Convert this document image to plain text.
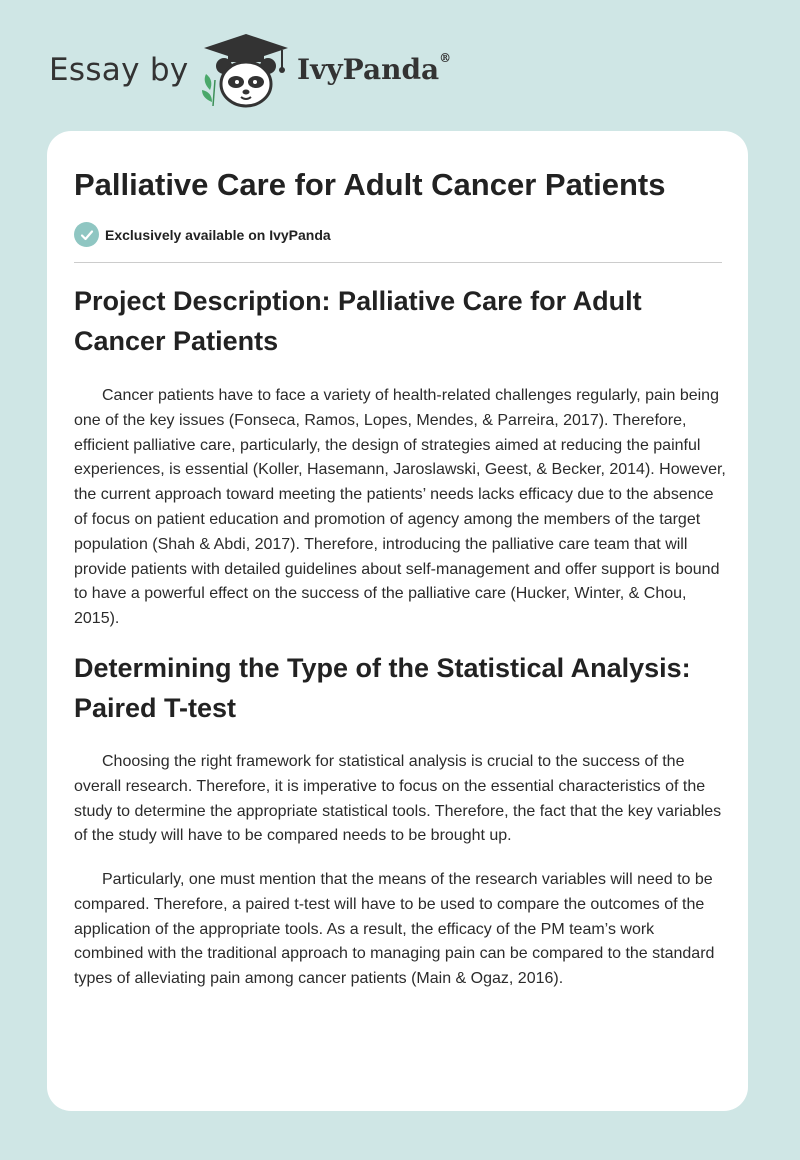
Essay by	IvyPanda®
Palliative Care for Adult Cancer Patients
Exclusively available on IvyPanda
Project Description: Palliative Care for Adult Cancer Patients

Cancer patients have to face a variety of health-related challenges regularly, pain being one of the key issues (Fonseca, Ramos, Lopes, Mendes, & Parreira, 2017). Therefore, efficient palliative care, particularly, the design of strategies aimed at reducing the painful experiences, is essential (Koller, Hasemann, Jaroslawski, Geest, & Becker, 2014). However, the current approach toward meeting the patients’ needs lacks efficacy due to the absence of focus on patient education and promotion of agency among the members of the target population (Shah & Abdi, 2017). Therefore, introducing the palliative care team that will provide patients with detailed guidelines about self-management and offer support is bound to have a powerful effect on the success of the palliative care (Hucker, Winter, & Chou, 2015).

Determining the Type of the Statistical Analysis: Paired T-test

Choosing the right framework for statistical analysis is crucial to the success of the overall research. Therefore, it is imperative to focus on the essential characteristics of the study to determine the appropriate statistical tools. Therefore, the fact that the key variables of the study will have to be compared needs to be brought up.

Particularly, one must mention that the means of the research variables will need to be compared. Therefore, a paired t-test will have to be used to compare the outcomes of the application of the appropriate tools. As a result, the efficacy of the PM team’s work combined with the traditional approach to managing pain can be compared to the standard types of alleviating pain among cancer patients (Main & Ogaz, 2016).
